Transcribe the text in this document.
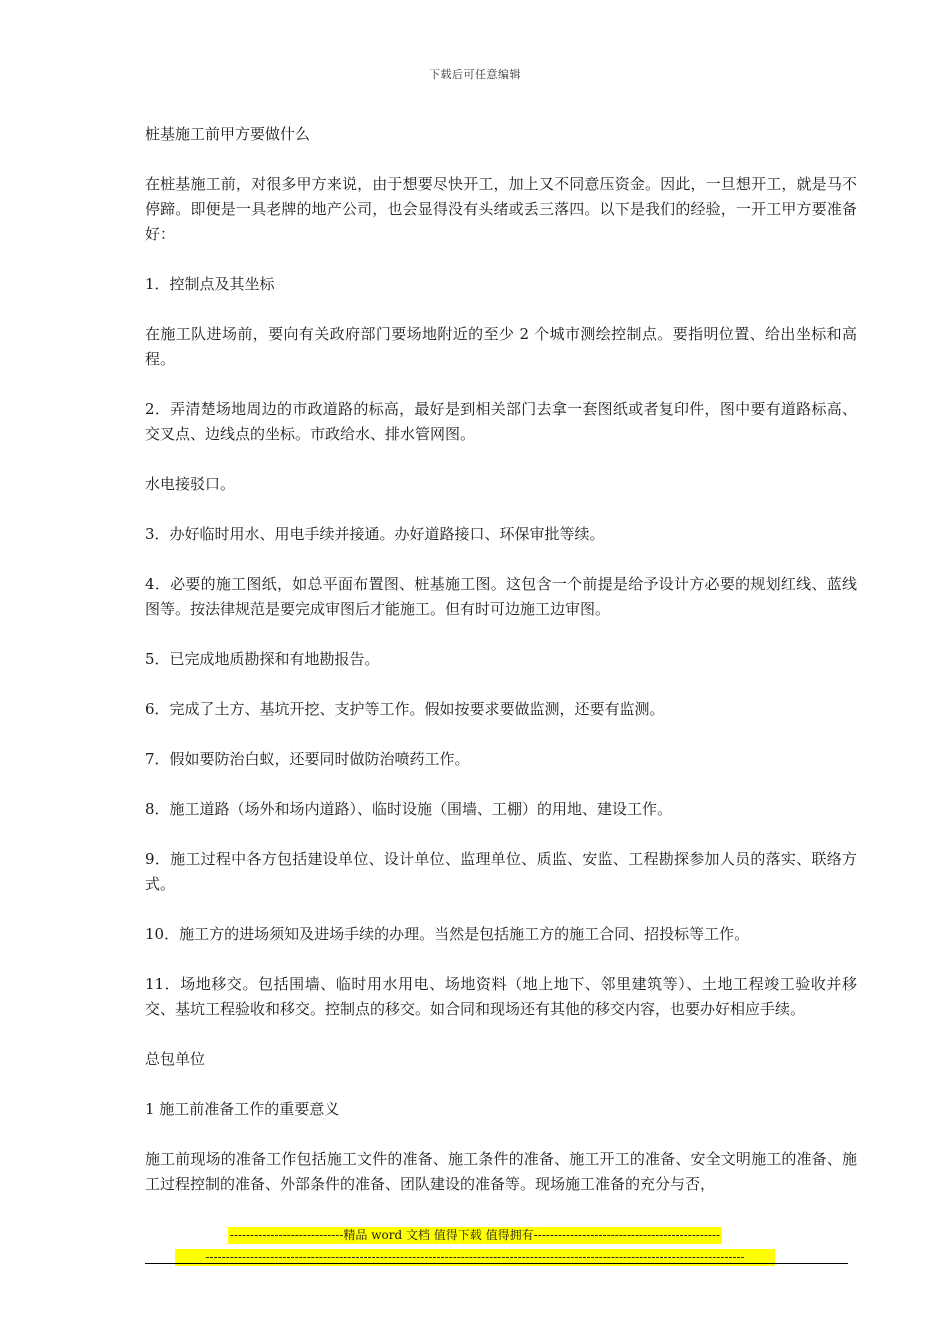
下载后可任意编辑

桩基施工前甲方要做什么

在桩基施工前，对很多甲方来说，由于想要尽快开工，加上又不同意压资金。因此，一旦想开工，就是马不停蹄。即便是一具老牌的地产公司，也会显得没有头绪或丢三落四。以下是我们的经验，一开工甲方要准备好：

1．控制点及其坐标

在施工队进场前，要向有关政府部门要场地附近的至少 2 个城市测绘控制点。要指明位置、给出坐标和高程。

2．弄清楚场地周边的市政道路的标高，最好是到相关部门去拿一套图纸或者复印件，图中要有道路标高、交叉点、边线点的坐标。市政给水、排水管网图。

水电接驳口。

3．办好临时用水、用电手续并接通。办好道路接口、环保审批等续。

4．必要的施工图纸，如总平面布置图、桩基施工图。这包含一个前提是给予设计方必要的规划红线、蓝线图等。按法律规范是要完成审图后才能施工。但有时可边施工边审图。

5．已完成地质勘探和有地勘报告。

6．完成了土方、基坑开挖、支护等工作。假如按要求要做监测，还要有监测。

7．假如要防治白蚁，还要同时做防治喷药工作。

8．施工道路（场外和场内道路）、临时设施（围墙、工棚）的用地、建设工作。

9．施工过程中各方包括建设单位、设计单位、监理单位、质监、安监、工程勘探参加人员的落实、联络方式。

10．施工方的进场须知及进场手续的办理。当然是包括施工方的施工合同、招投标等工作。

11．场地移交。包括围墙、临时用水用电、场地资料（地上地下、邻里建筑等）、土地工程竣工验收并移交、基坑工程验收和移交。控制点的移交。如合同和现场还有其他的移交内容，也要办好相应手续。

总包单位

1 施工前准备工作的重要意义

施工前现场的准备工作包括施工文件的准备、施工条件的准备、施工开工的准备、安全文明施工的准备、施工过程控制的准备、外部条件的准备、团队建设的准备等。现场施工准备的充分与否，

----------------------------精品 word 文档 值得下载 值得拥有----------------------------------------------
-------------------------------------------------------------------------------------------------------------------------------------
